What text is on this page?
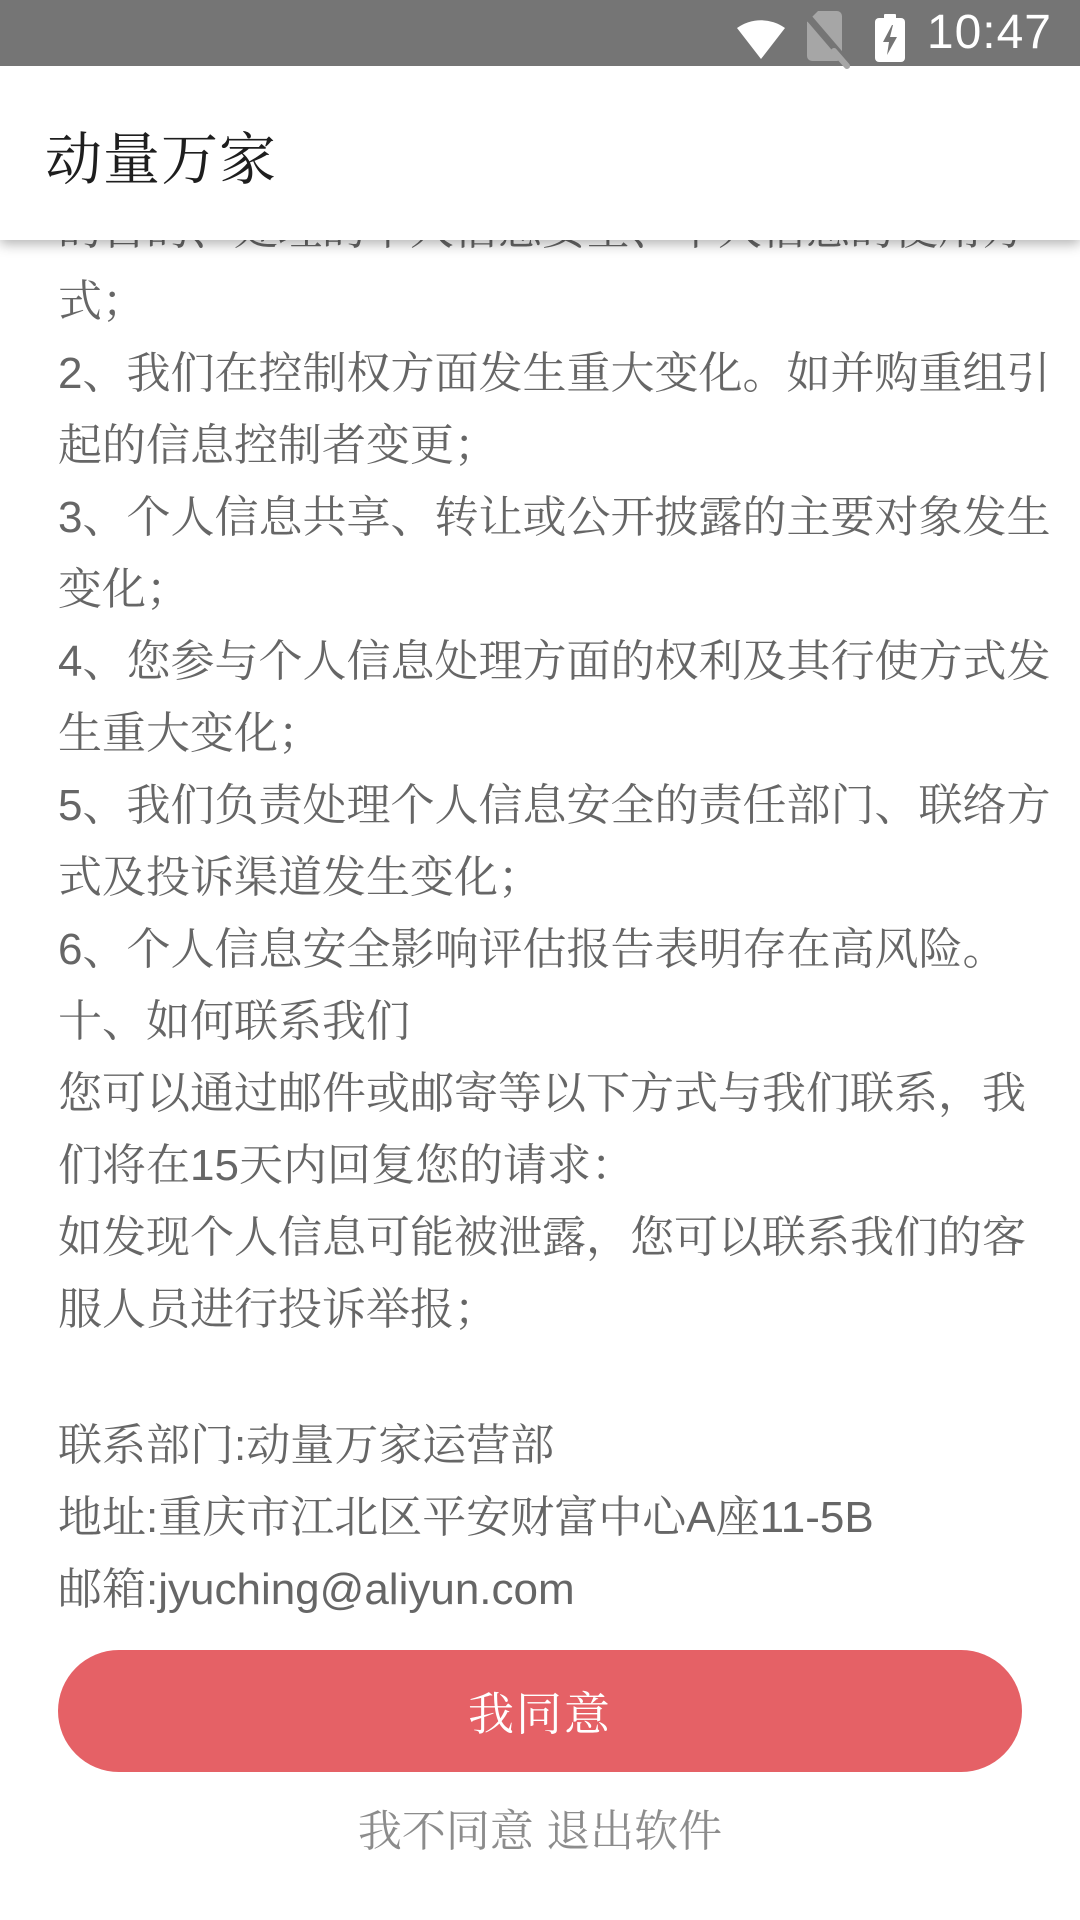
10:47
动量万家
式；
2、我们在控制权方面发生重大变化。如并购重组引
起的信息控制者变更；
3、个人信息共享、转让或公开披露的主要对象发生
变化；
4、您参与个人信息处理方面的权利及其行使方式发
生重大变化；
5、我们负责处理个人信息安全的责任部门、联络方
式及投诉渠道发生变化；
6、个人信息安全影响评估报告表明存在高风险。
十、如何联系我们
您可以通过邮件或邮寄等以下方式与我们联系，我
们将在15天内回复您的请求：
如发现个人信息可能被泄露，您可以联系我们的客
服人员进行投诉举报；
联系部门:动量万家运营部
地址:重庆市江北区平安财富中心A座11-5B
邮箱:jyuching@aliyun.com
我同意
我不同意 退出软件
